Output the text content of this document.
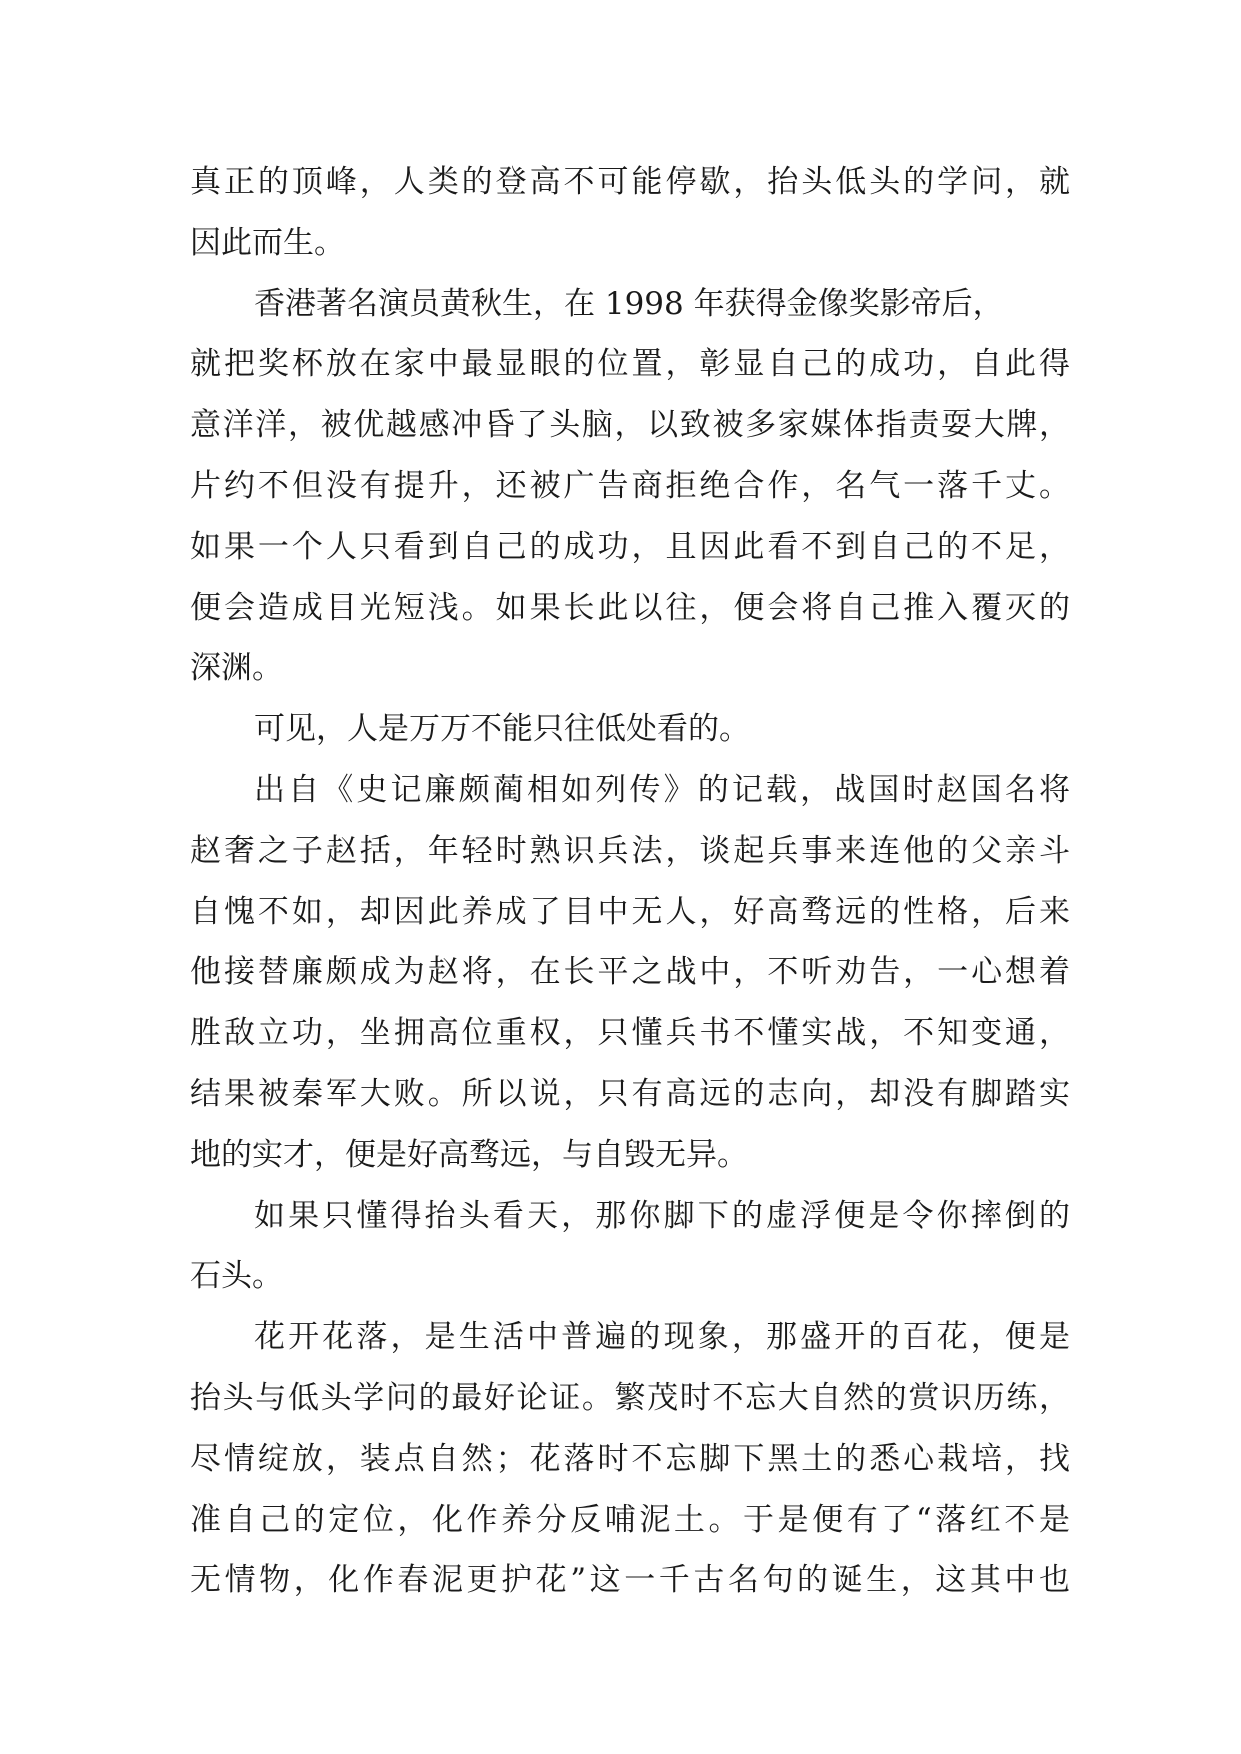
真正的顶峰，人类的登高不可能停歇，抬头低头的学问，就
因此而生。
香港著名演员黄秋生，在 1998 年获得金像奖影帝后，
就把奖杯放在家中最显眼的位置，彰显自己的成功，自此得
意洋洋，被优越感冲昏了头脑，以致被多家媒体指责耍大牌，
片约不但没有提升，还被广告商拒绝合作，名气一落千丈。
如果一个人只看到自己的成功，且因此看不到自己的不足，
便会造成目光短浅。如果长此以往，便会将自己推入覆灭的
深渊。
可见，人是万万不能只往低处看的。
出自《史记廉颇蔺相如列传》的记载，战国时赵国名将
赵奢之子赵括，年轻时熟识兵法，谈起兵事来连他的父亲斗
自愧不如，却因此养成了目中无人，好高骛远的性格，后来
他接替廉颇成为赵将，在长平之战中，不听劝告，一心想着
胜敌立功，坐拥高位重权，只懂兵书不懂实战，不知变通，
结果被秦军大败。所以说，只有高远的志向，却没有脚踏实
地的实才，便是好高骛远，与自毁无异。
如果只懂得抬头看天，那你脚下的虚浮便是令你摔倒的
石头。
花开花落，是生活中普遍的现象，那盛开的百花，便是
抬头与低头学问的最好论证。繁茂时不忘大自然的赏识历练，
尽情绽放，装点自然；花落时不忘脚下黑土的悉心栽培，找
准自己的定位，化作养分反哺泥土。于是便有了“落红不是
无情物，化作春泥更护花”这一千古名句的诞生，这其中也
